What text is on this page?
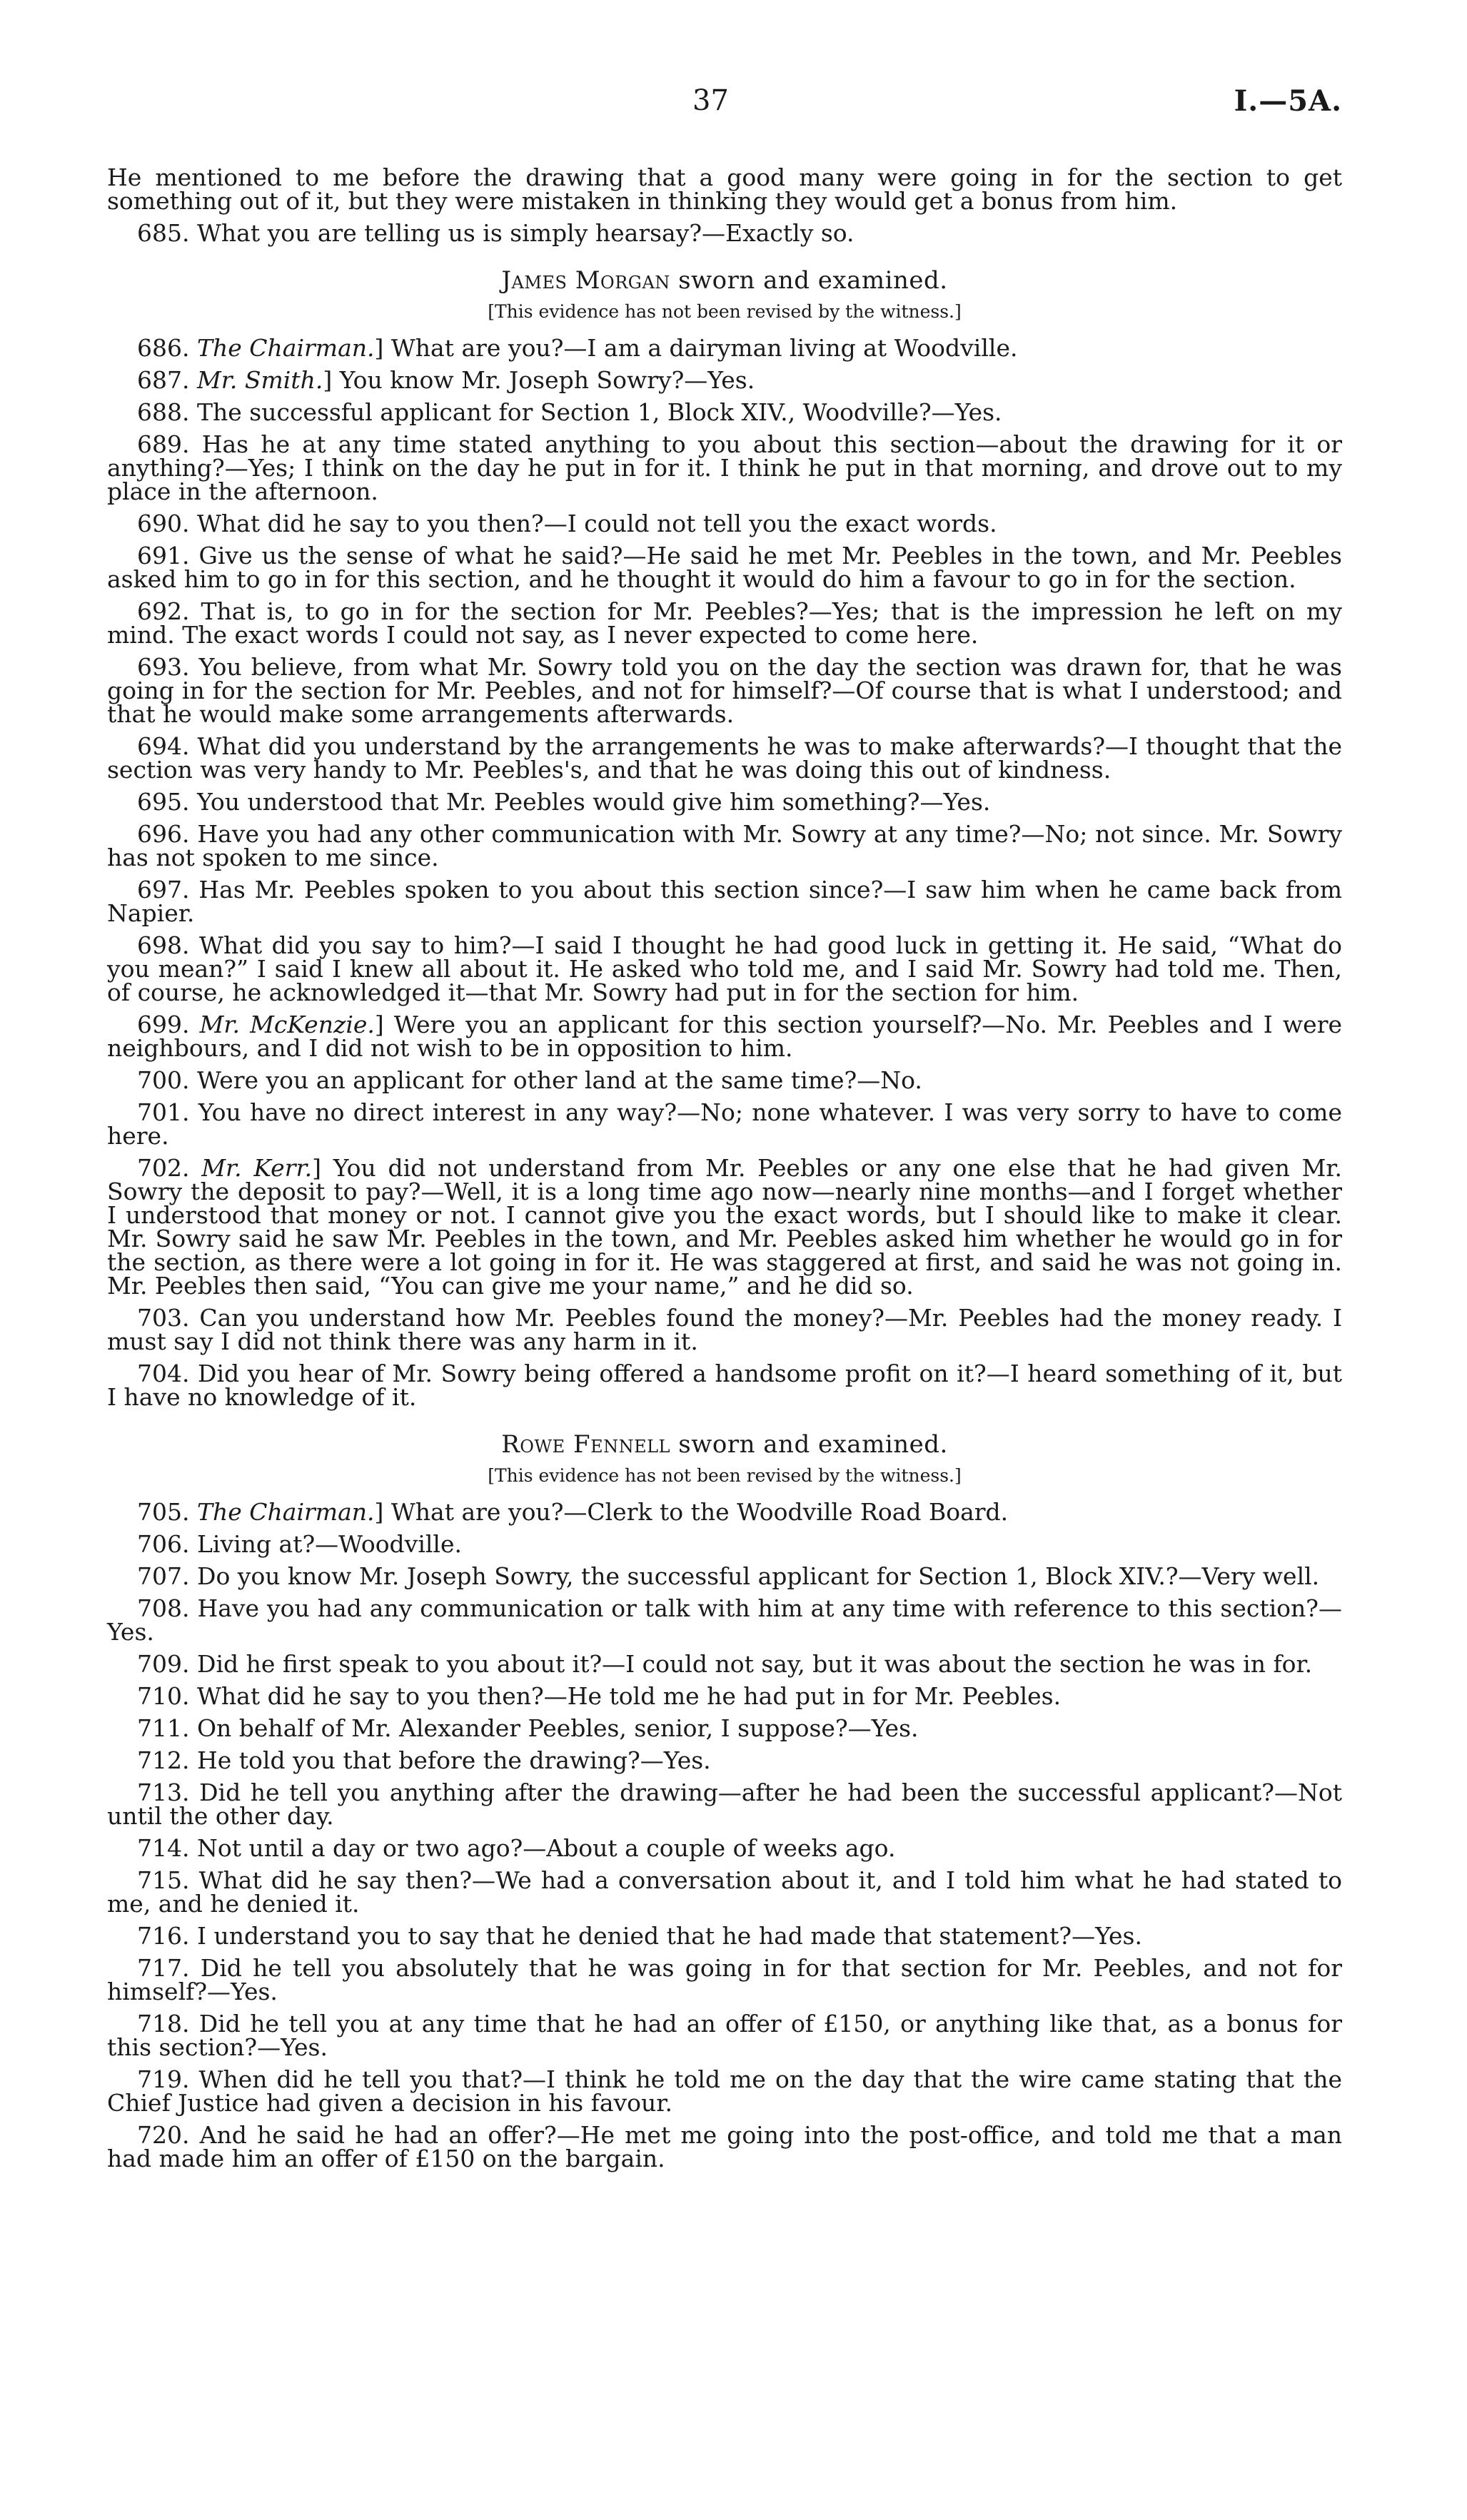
37	I.—5A.

He mentioned to me before the drawing that a good many were going in for the section to get something out of it, but they were mistaken in thinking they would get a bonus from him.

685. What you are telling us is simply hearsay?—Exactly so.

James Morgan sworn and examined.
[This evidence has not been revised by the witness.]

686. The Chairman.] What are you?—I am a dairyman living at Woodville.

687. Mr. Smith.] You know Mr. Joseph Sowry?—Yes.

688. The successful applicant for Section 1, Block XIV., Woodville?—Yes.

689. Has he at any time stated anything to you about this section—about the drawing for it or anything?—Yes; I think on the day he put in for it. I think he put in that morning, and drove out to my place in the afternoon.

690. What did he say to you then?—I could not tell you the exact words.

691. Give us the sense of what he said?—He said he met Mr. Peebles in the town, and Mr. Peebles asked him to go in for this section, and he thought it would do him a favour to go in for the section.

692. That is, to go in for the section for Mr. Peebles?—Yes; that is the impression he left on my mind. The exact words I could not say, as I never expected to come here.

693. You believe, from what Mr. Sowry told you on the day the section was drawn for, that he was going in for the section for Mr. Peebles, and not for himself?—Of course that is what I understood; and that he would make some arrangements afterwards.

694. What did you understand by the arrangements he was to make afterwards?—I thought that the section was very handy to Mr. Peebles's, and that he was doing this out of kindness.

695. You understood that Mr. Peebles would give him something?—Yes.

696. Have you had any other communication with Mr. Sowry at any time?—No; not since. Mr. Sowry has not spoken to me since.

697. Has Mr. Peebles spoken to you about this section since?—I saw him when he came back from Napier.

698. What did you say to him?—I said I thought he had good luck in getting it. He said, “What do you mean?” I said I knew all about it. He asked who told me, and I said Mr. Sowry had told me. Then, of course, he acknowledged it—that Mr. Sowry had put in for the section for him.

699. Mr. McKenzie.] Were you an applicant for this section yourself?—No. Mr. Peebles and I were neighbours, and I did not wish to be in opposition to him.

700. Were you an applicant for other land at the same time?—No.

701. You have no direct interest in any way?—No; none whatever. I was very sorry to have to come here.

702. Mr. Kerr.] You did not understand from Mr. Peebles or any one else that he had given Mr. Sowry the deposit to pay?—Well, it is a long time ago now—nearly nine months—and I forget whether I understood that money or not. I cannot give you the exact words, but I should like to make it clear. Mr. Sowry said he saw Mr. Peebles in the town, and Mr. Peebles asked him whether he would go in for the section, as there were a lot going in for it. He was staggered at first, and said he was not going in. Mr. Peebles then said, “You can give me your name,” and he did so.

703. Can you understand how Mr. Peebles found the money?—Mr. Peebles had the money ready. I must say I did not think there was any harm in it.

704. Did you hear of Mr. Sowry being offered a handsome profit on it?—I heard something of it, but I have no knowledge of it.

Rowe Fennell sworn and examined.
[This evidence has not been revised by the witness.]

705. The Chairman.] What are you?—Clerk to the Woodville Road Board.

706. Living at?—Woodville.

707. Do you know Mr. Joseph Sowry, the successful applicant for Section 1, Block XIV.?—Very well.

708. Have you had any communication or talk with him at any time with reference to this section?—Yes.

709. Did he first speak to you about it?—I could not say, but it was about the section he was in for.

710. What did he say to you then?—He told me he had put in for Mr. Peebles.

711. On behalf of Mr. Alexander Peebles, senior, I suppose?—Yes.

712. He told you that before the drawing?—Yes.

713. Did he tell you anything after the drawing—after he had been the successful applicant?—Not until the other day.

714. Not until a day or two ago?—About a couple of weeks ago.

715. What did he say then?—We had a conversation about it, and I told him what he had stated to me, and he denied it.

716. I understand you to say that he denied that he had made that statement?—Yes.

717. Did he tell you absolutely that he was going in for that section for Mr. Peebles, and not for himself?—Yes.

718. Did he tell you at any time that he had an offer of £150, or anything like that, as a bonus for this section?—Yes.

719. When did he tell you that?—I think he told me on the day that the wire came stating that the Chief Justice had given a decision in his favour.

720. And he said he had an offer?—He met me going into the post-office, and told me that a man had made him an offer of £150 on the bargain.
